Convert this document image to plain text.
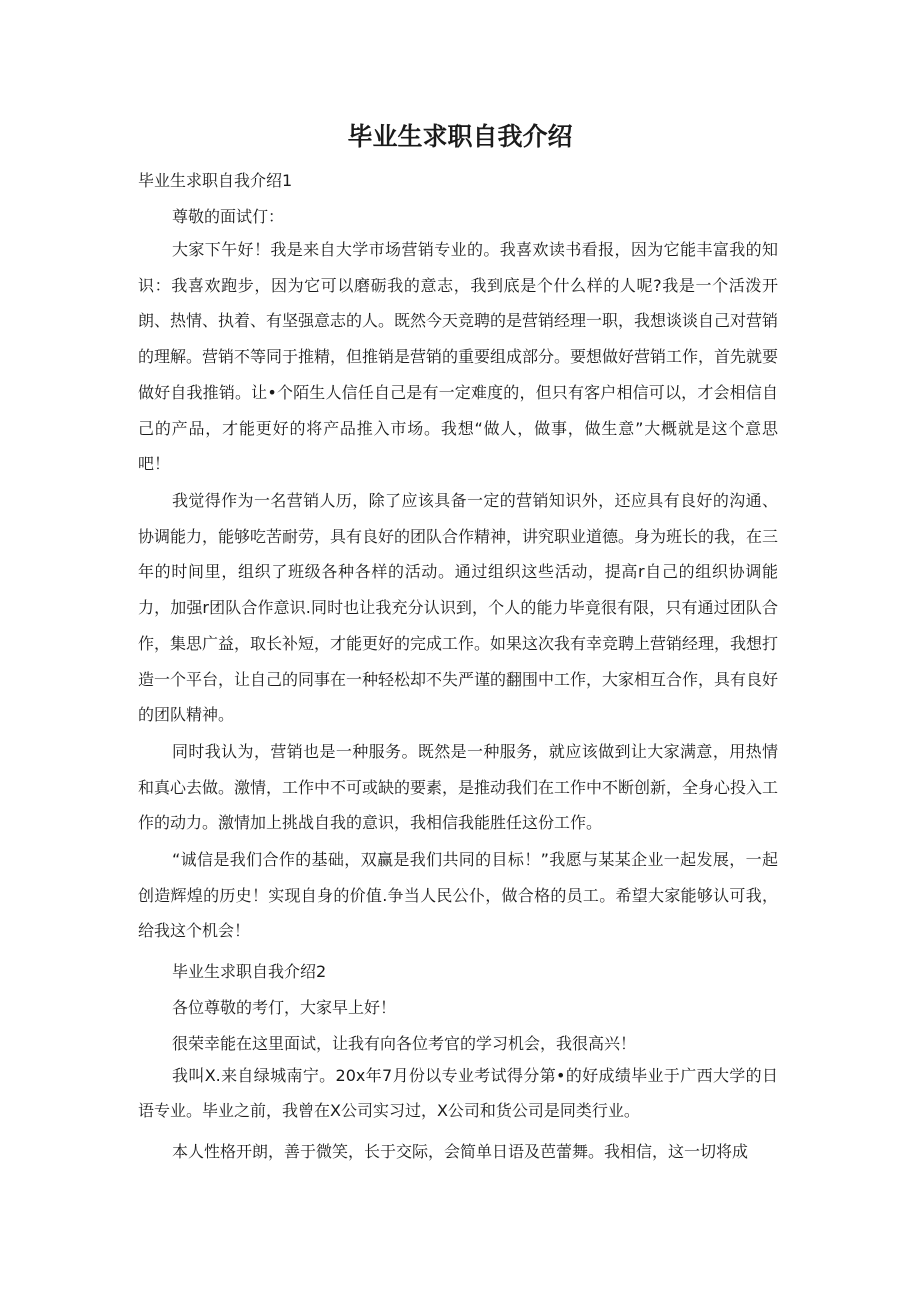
毕业生求职自我介绍
毕业生求职自我介绍1
尊敬的面试仃：
大家下午好！我是来自大学市场营销专业的。我喜欢读书看报，因为它能丰富我的知识：我喜欢跑步，因为它可以磨砺我的意志，我到底是个什么样的人呢?我是一个活泼开朗、热情、执着、有坚强意志的人。既然今天竞聘的是营销经理一职，我想谈谈自己对营销的理解。营销不等同于推精，但推销是营销的重要组成部分。要想做好营销工作，首先就要做好自我推销。让•个陌生人信任自己是有一定难度的，但只有客户相信可以，才会相信自己的产品，才能更好的将产品推入市场。我想“做人，做事，做生意”大概就是这个意思吧！
我觉得作为一名营销人历，除了应该具备一定的营销知识外，还应具有良好的沟通、协调能力，能够吃苦耐劳，具有良好的团队合作精神，讲究职业道德。身为班长的我，在三年的时间里，组织了班级各种各样的活动。通过组织这些活动，提高r自己的组织协调能力，加强r团队合作意识.同时也让我充分认识到，个人的能力毕竟很有限，只有通过团队合作，集思广益，取长补短，才能更好的完成工作。如果这次我有幸竞聘上营销经理，我想打造一个平台，让自己的同事在一种轻松却不失严谨的翻围中工作，大家相互合作，具有良好的团队精神。
同时我认为，营销也是一种服务。既然是一种服务，就应该做到让大家满意，用热情和真心去做。激情，工作中不可或缺的要素，是推动我们在工作中不断创新，全身心投入工作的动力。激情加上挑战自我的意识，我相信我能胜任这份工作。
“诚信是我们合作的基础，双赢是我们共同的目标！”我愿与某某企业一起发展，一起创造辉煌的历史！实现自身的价值.争当人民公仆，做合格的员工。希望大家能够认可我，给我这个机会！
毕业生求职自我介绍2
各位尊敬的考仃，大家早上好！
很荣幸能在这里面试，让我有向各位考官的学习机会，我很高兴！
我叫X.来自绿城南宁。20x年7月份以专业考试得分第•的好成绩毕业于广西大学的日语专业。毕业之前，我曾在X公司实习过，X公司和货公司是同类行业。
本人性格开朗，善于微笑，长于交际，会简单日语及芭蕾舞。我相信，这一切将成
